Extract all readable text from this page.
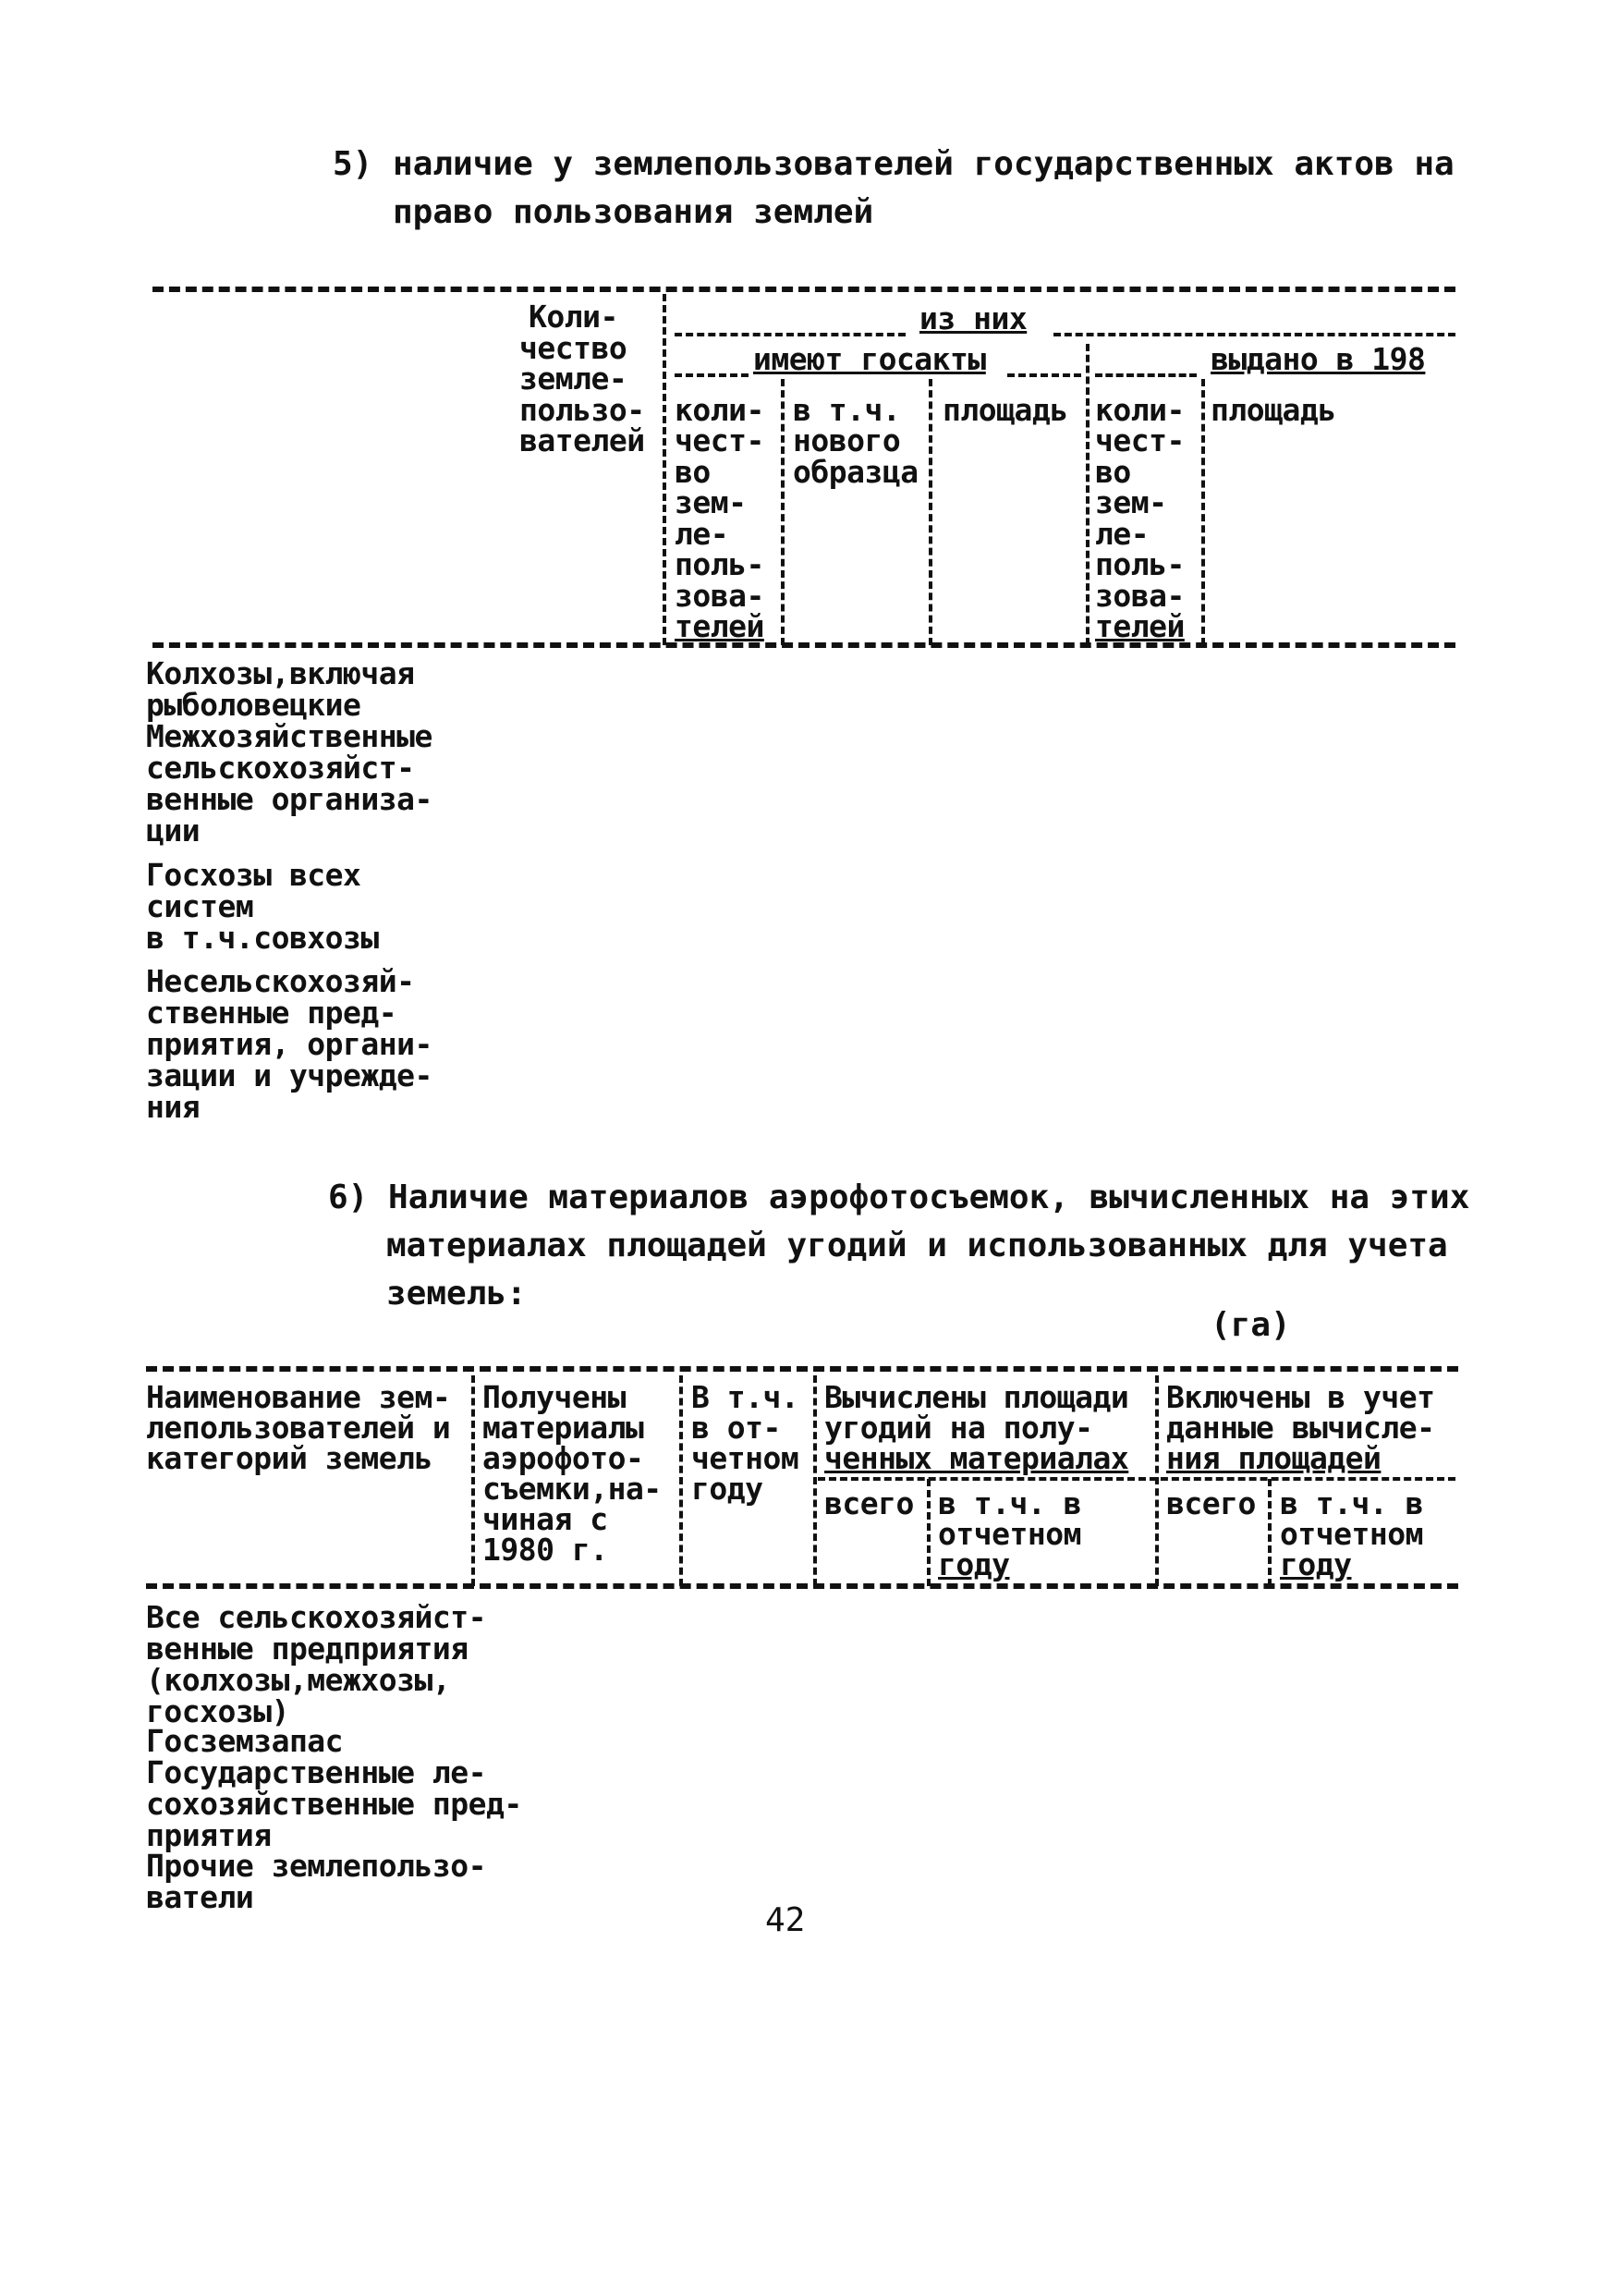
5) наличие у землепользователей государственных актов на
право пользования землей
Коли-
чество
земле-
пользо-
вателей
из них
имеют госакты	выдано в 198
коли-
чест-
во
зем-
ле-
поль-
зова-
телей
в т.ч.
нового
образца
площадь коли-
чест-
во
зем-
ле-
поль-
зова-
телей
площадь
Колхозы,включая
рыболовецкие
Межхозяйственные
сельскохозяйст-
венные организа-
ции
Госхозы всех
систем
в т.ч.совхозы
Несельскохозяй-
ственные пред-
приятия, органи-
зации и учрежде-
ния
6) Наличие материалов аэрофотосъемок, вычисленных на этих
материалах площадей угодий и использованных для учета
земель:
(га)
Наименование зем-
лепользователей и
категорий земель
Получены
материалы
аэрофото-
съемки,на-
чиная с
1980 г.
В т.ч.
в от-
четном
году
Вычислены площади
угодий на полу-
ченных материалах
всего в т.ч. в
отчетном
году
Включены в учет
данные вычисле-
ния площадей
всего в т.ч. в
отчетном
году
Все сельскохозяйст-
венные предприятия
(колхозы,межхозы,
госхозы)
Госземзапас
Государственные ле-
сохозяйственные пред-
приятия
Прочие землепользо-
ватели
42
